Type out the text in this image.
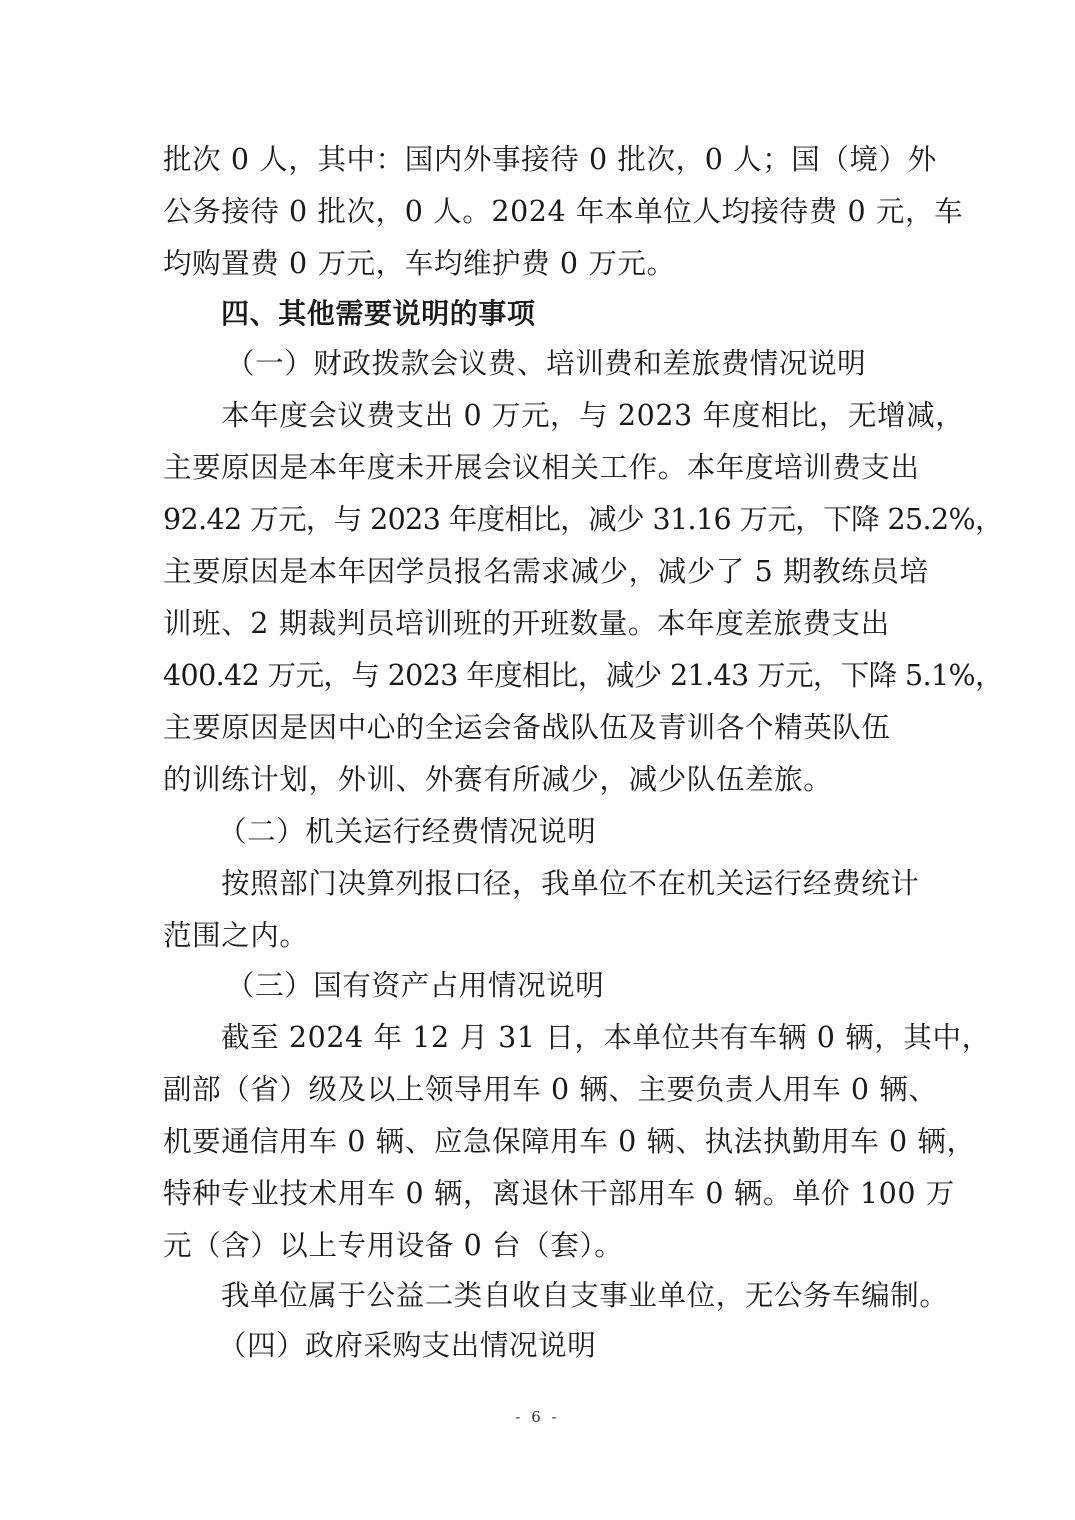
批次 0 人，其中：国内外事接待 0 批次，0 人；国（境）外
公务接待 0 批次，0 人。2024 年本单位人均接待费 0 元，车
均购置费 0 万元，车均维护费 0 万元。
四、其他需要说明的事项
（一）财政拨款会议费、培训费和差旅费情况说明
本年度会议费支出 0 万元，与 2023 年度相比，无增减，
主要原因是本年度未开展会议相关工作。本年度培训费支出
92.42 万元，与 2023 年度相比，减少 31.16 万元，下降 25.2%，
主要原因是本年因学员报名需求减少，减少了 5 期教练员培
训班、2 期裁判员培训班的开班数量。本年度差旅费支出
400.42 万元，与 2023 年度相比，减少 21.43 万元，下降 5.1%，
主要原因是因中心的全运会备战队伍及青训各个精英队伍
的训练计划，外训、外赛有所减少，减少队伍差旅。
（二）机关运行经费情况说明
按照部门决算列报口径，我单位不在机关运行经费统计
范围之内。
（三）国有资产占用情况说明
截至 2024 年 12 月 31 日，本单位共有车辆 0 辆，其中，
副部（省）级及以上领导用车 0 辆、主要负责人用车 0 辆、
机要通信用车 0 辆、应急保障用车 0 辆、执法执勤用车 0 辆，
特种专业技术用车 0 辆，离退休干部用车 0 辆。单价 100 万
元（含）以上专用设备 0 台（套）。
我单位属于公益二类自收自支事业单位，无公务车编制。
（四）政府采购支出情况说明
- 6 -
